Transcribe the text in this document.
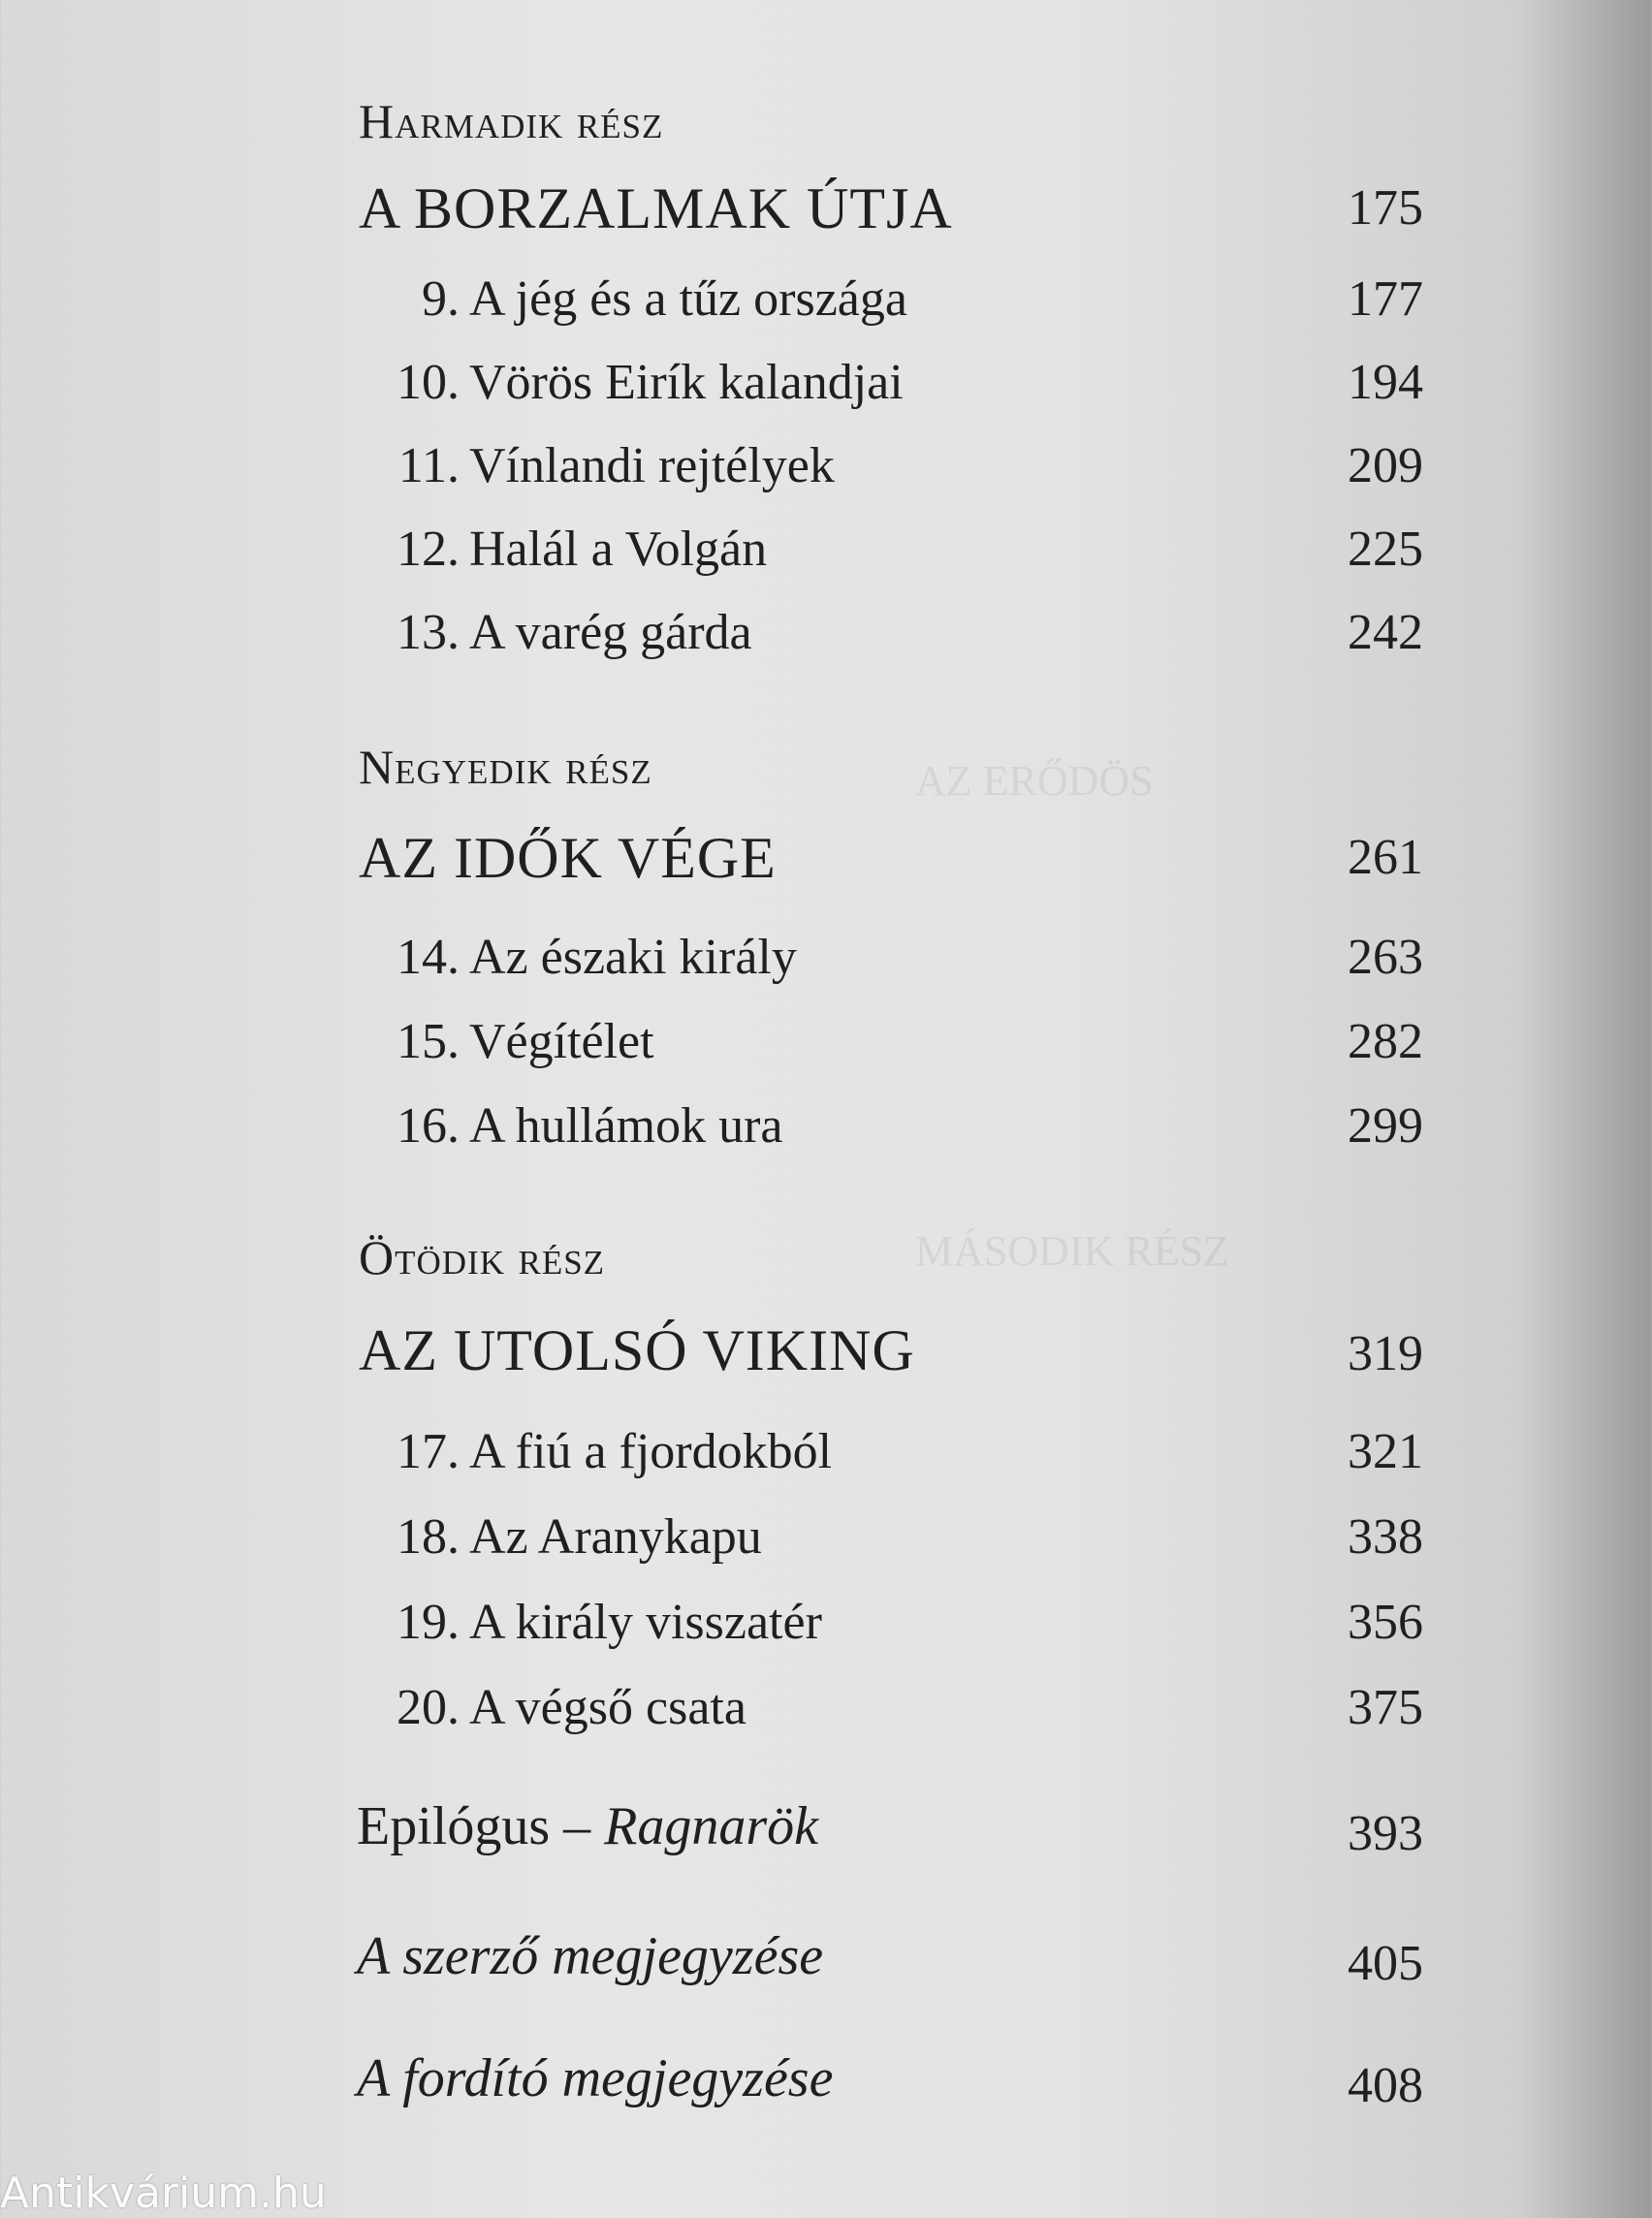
AZ ERŐDÖS
MÁSODIK RÉSZ
Harmadik rész
A BORZALMAK ÚTJA	175
9. A jég és a tűz országa	177
10. Vörös Eirík kalandjai	194
11. Vínlandi rejtélyek	209
12. Halál a Volgán	225
13. A varég gárda	242
Negyedik rész
AZ IDŐK VÉGE	261
14. Az északi király	263
15. Végítélet	282
16. A hullámok ura	299
Ötödik rész
AZ UTOLSÓ VIKING	319
17. A fiú a fjordokból	321
18. Az Aranykapu	338
19. A király visszatér	356
20. A végső csata	375
Epilógus – Ragnarök	393
A szerző megjegyzése	405
A fordító megjegyzése	408
Antikvárium.hu
